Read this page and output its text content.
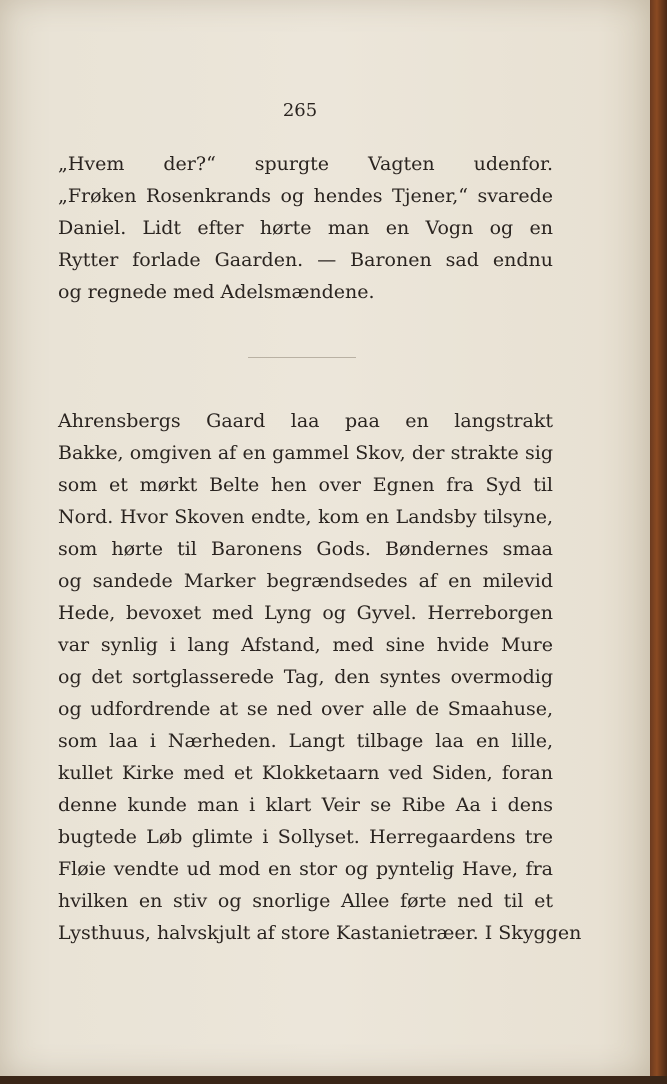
265
„Hvem der?“ spurgte Vagten udenfor.
„Frøken Rosenkrands og hendes Tjener,“ svarede
Daniel. Lidt efter hørte man en Vogn og en
Rytter forlade Gaarden. — Baronen sad endnu
og regnede med Adelsmændene.
Ahrensbergs Gaard laa paa en langstrakt
Bakke, omgiven af en gammel Skov, der strakte sig
som et mørkt Belte hen over Egnen fra Syd til
Nord. Hvor Skoven endte, kom en Landsby tilsyne,
som hørte til Baronens Gods. Bøndernes smaa
og sandede Marker begrændsedes af en milevid
Hede, bevoxet med Lyng og Gyvel. Herreborgen
var synlig i lang Afstand, med sine hvide Mure
og det sortglasserede Tag, den syntes overmodig
og udfordrende at se ned over alle de Smaahuse,
som laa i Nærheden. Langt tilbage laa en lille,
kullet Kirke med et Klokketaarn ved Siden, foran
denne kunde man i klart Veir se Ribe Aa i dens
bugtede Løb glimte i Sollyset. Herregaardens tre
Fløie vendte ud mod en stor og pyntelig Have, fra
hvilken en stiv og snorlige Allee førte ned til et
Lysthuus, halvskjult af store Kastanietræer. I Skyggen
